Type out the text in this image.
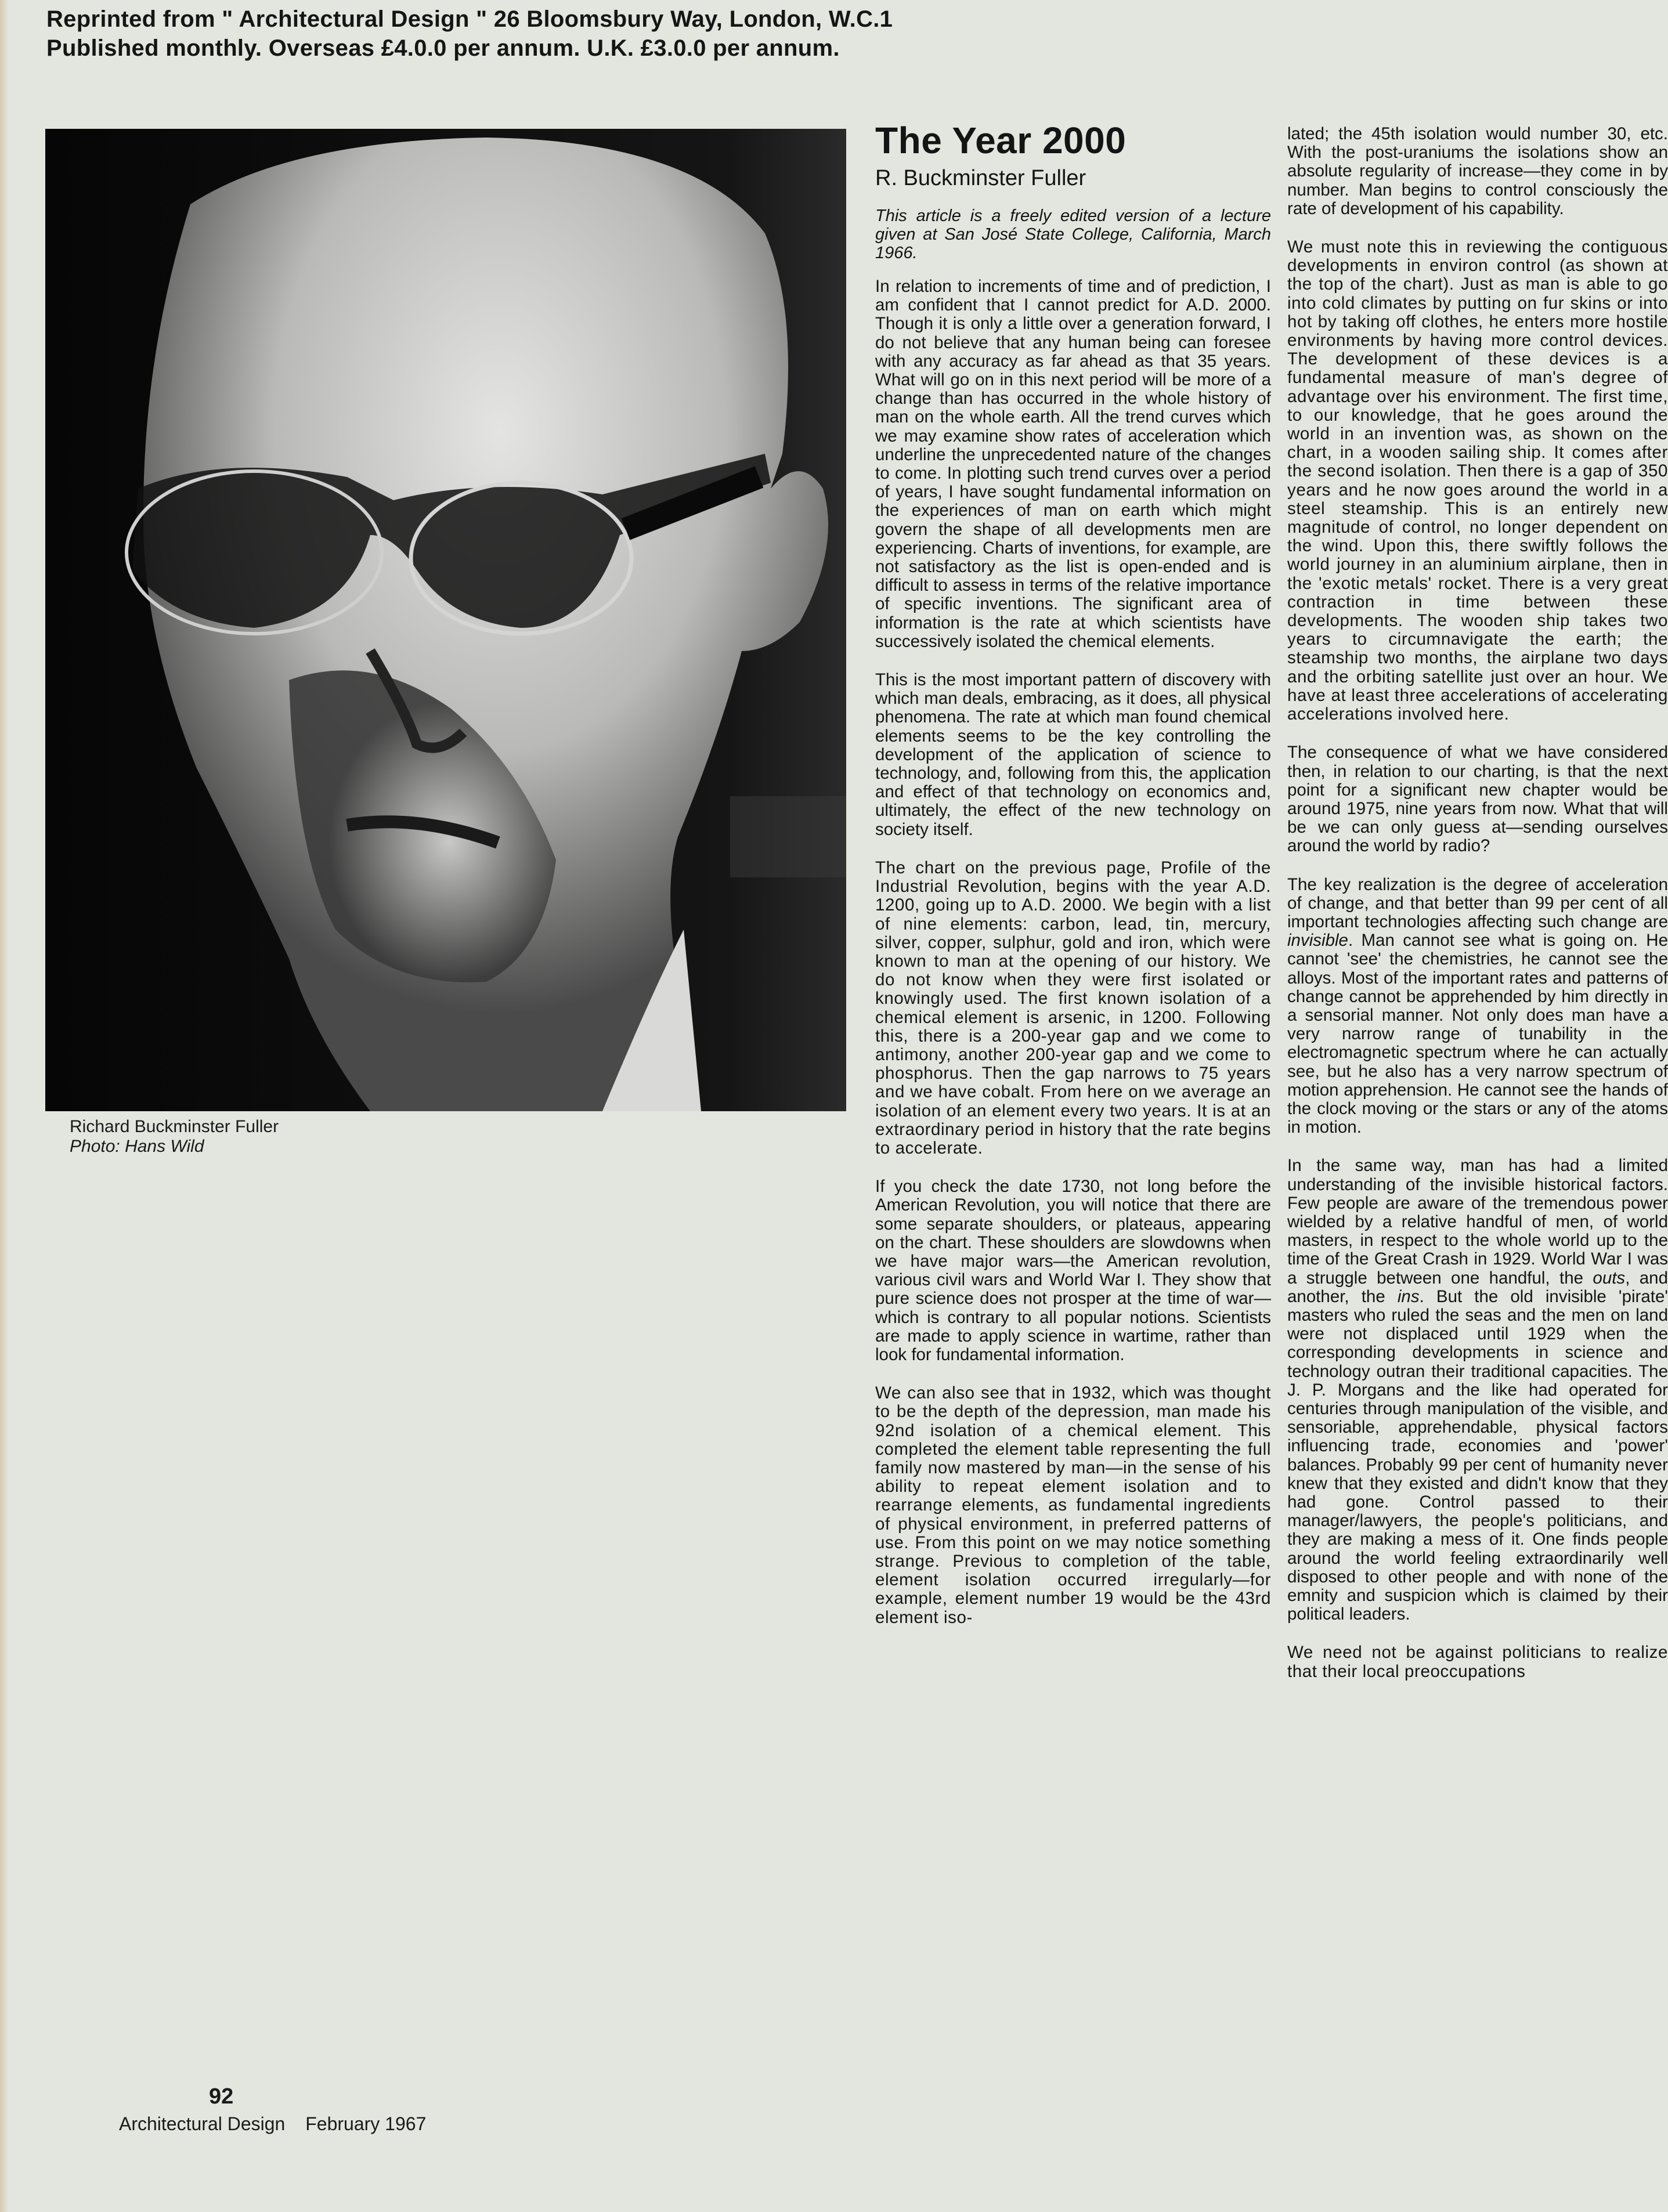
Reprinted from " Architectural Design " 26 Bloomsbury Way, London, W.C.1
Published monthly. Overseas £4.0.0 per annum. U.K. £3.0.0 per annum.
Richard Buckminster Fuller
Photo: Hans Wild
The Year 2000
R. Buckminster Fuller
This article is a freely edited version of a lecture given at San José State College, California, March 1966.

In relation to increments of time and of prediction, I am confident that I cannot predict for A.D. 2000. Though it is only a little over a generation forward, I do not believe that any human being can foresee with any accuracy as far ahead as that 35 years. What will go on in this next period will be more of a change than has occurred in the whole history of man on the whole earth. All the trend curves which we may examine show rates of acceleration which underline the unprecedented nature of the changes to come. In plotting such trend curves over a period of years, I have sought fundamental information on the experiences of man on earth which might govern the shape of all developments men are experiencing. Charts of inventions, for example, are not satisfactory as the list is open-ended and is difficult to assess in terms of the relative importance of specific inventions. The significant area of information is the rate at which scientists have successively isolated the chemical elements.

This is the most important pattern of discovery with which man deals, embracing, as it does, all physical phenomena. The rate at which man found chemical elements seems to be the key controlling the development of the application of science to technology, and, following from this, the application and effect of that technology on economics and, ultimately, the effect of the new technology on society itself.

The chart on the previous page, Profile of the Industrial Revolution, begins with the year A.D. 1200, going up to A.D. 2000. We begin with a list of nine elements: carbon, lead, tin, mercury, silver, copper, sulphur, gold and iron, which were known to man at the opening of our history. We do not know when they were first isolated or knowingly used. The first known isolation of a chemical element is arsenic, in 1200. Following this, there is a 200-year gap and we come to antimony, another 200-year gap and we come to phosphorus. Then the gap narrows to 75 years and we have cobalt. From here on we average an isolation of an element every two years. It is at an extraordinary period in history that the rate begins to accelerate.

If you check the date 1730, not long before the American Revolution, you will notice that there are some separate shoulders, or plateaus, appearing on the chart. These shoulders are slowdowns when we have major wars—the American revolution, various civil wars and World War I. They show that pure science does not prosper at the time of war—which is contrary to all popular notions. Scientists are made to apply science in wartime, rather than look for fundamental information.

We can also see that in 1932, which was thought to be the depth of the depression, man made his 92nd isolation of a chemical element. This completed the element table representing the full family now mastered by man—in the sense of his ability to repeat element isolation and to rearrange elements, as fundamental ingredients of physical environment, in preferred patterns of use. From this point on we may notice something strange. Previous to completion of the table, element isolation occurred irregularly—for example, element number 19 would be the 43rd element iso-

lated; the 45th isolation would number 30, etc. With the post-uraniums the isolations show an absolute regularity of increase—they come in by number. Man begins to control consciously the rate of development of his capability.

We must note this in reviewing the contiguous developments in environ control (as shown at the top of the chart). Just as man is able to go into cold climates by putting on fur skins or into hot by taking off clothes, he enters more hostile environments by having more control devices. The development of these devices is a fundamental measure of man's degree of advantage over his environment. The first time, to our knowledge, that he goes around the world in an invention was, as shown on the chart, in a wooden sailing ship. It comes after the second isolation. Then there is a gap of 350 years and he now goes around the world in a steel steamship. This is an entirely new magnitude of control, no longer dependent on the wind. Upon this, there swiftly follows the world journey in an aluminium airplane, then in the 'exotic metals' rocket. There is a very great contraction in time between these developments. The wooden ship takes two years to circumnavigate the earth; the steamship two months, the airplane two days and the orbiting satellite just over an hour. We have at least three accelerations of accelerating accelerations involved here.

The consequence of what we have considered then, in relation to our charting, is that the next point for a significant new chapter would be around 1975, nine years from now. What that will be we can only guess at—sending ourselves around the world by radio?

The key realization is the degree of acceleration of change, and that better than 99 per cent of all important technologies affecting such change are invisible. Man cannot see what is going on. He cannot 'see' the chemistries, he cannot see the alloys. Most of the important rates and patterns of change cannot be apprehended by him directly in a sensorial manner. Not only does man have a very narrow range of tunability in the electromagnetic spectrum where he can actually see, but he also has a very narrow spectrum of motion apprehension. He cannot see the hands of the clock moving or the stars or any of the atoms in motion.

In the same way, man has had a limited understanding of the invisible historical factors. Few people are aware of the tremendous power wielded by a relative handful of men, of world masters, in respect to the whole world up to the time of the Great Crash in 1929. World War I was a struggle between one handful, the outs, and another, the ins. But the old invisible 'pirate' masters who ruled the seas and the men on land were not displaced until 1929 when the corresponding developments in science and technology outran their traditional capacities. The J. P. Morgans and the like had operated for centuries through manipulation of the visible, and sensoriable, apprehendable, physical factors influencing trade, economies and 'power' balances. Probably 99 per cent of humanity never knew that they existed and didn't know that they had gone. Control passed to their manager/lawyers, the people's politicians, and they are making a mess of it. One finds people around the world feeling extraordinarily well disposed to other people and with none of the emnity and suspicion which is claimed by their political leaders.

We need not be against politicians to realize that their local preoccupations

92
Architectural Design February 1967
